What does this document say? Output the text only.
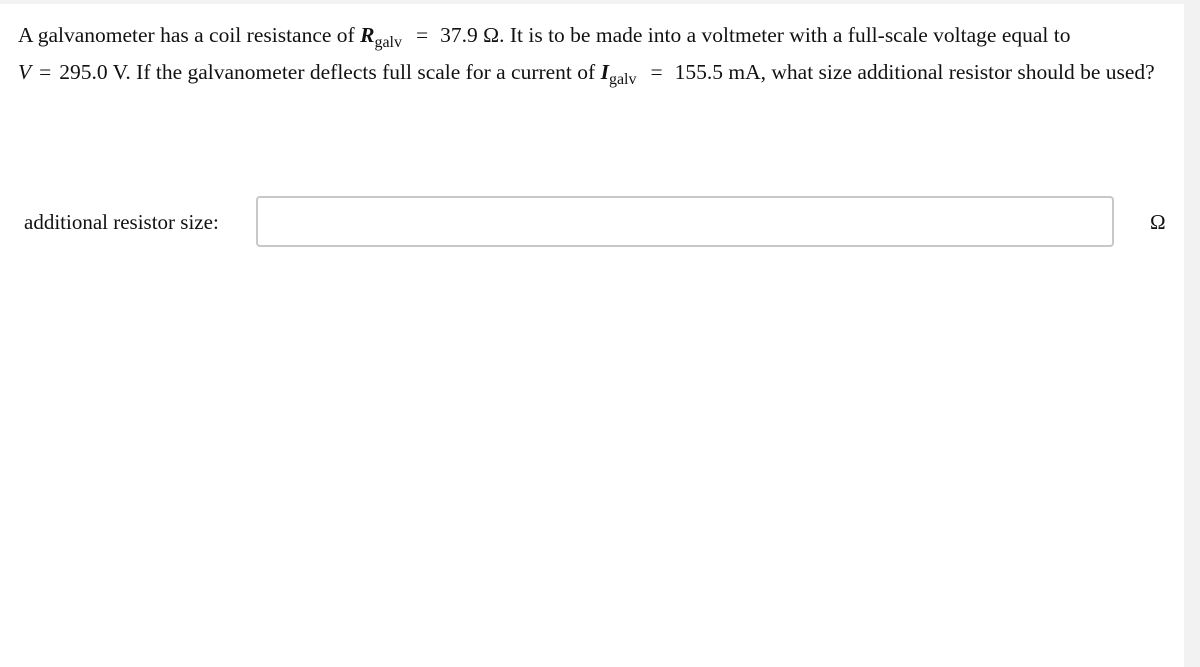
A galvanometer has a coil resistance of $R_{galv} = 37.9$ Ω. It is to be made into a voltmeter with a full-scale voltage equal to
V = 295.0 V. If the galvanometer deflects full scale for a current of $I_{galv} = 155.5$ mA, what size additional resistor should be used?
additional resistor size:	Ω
